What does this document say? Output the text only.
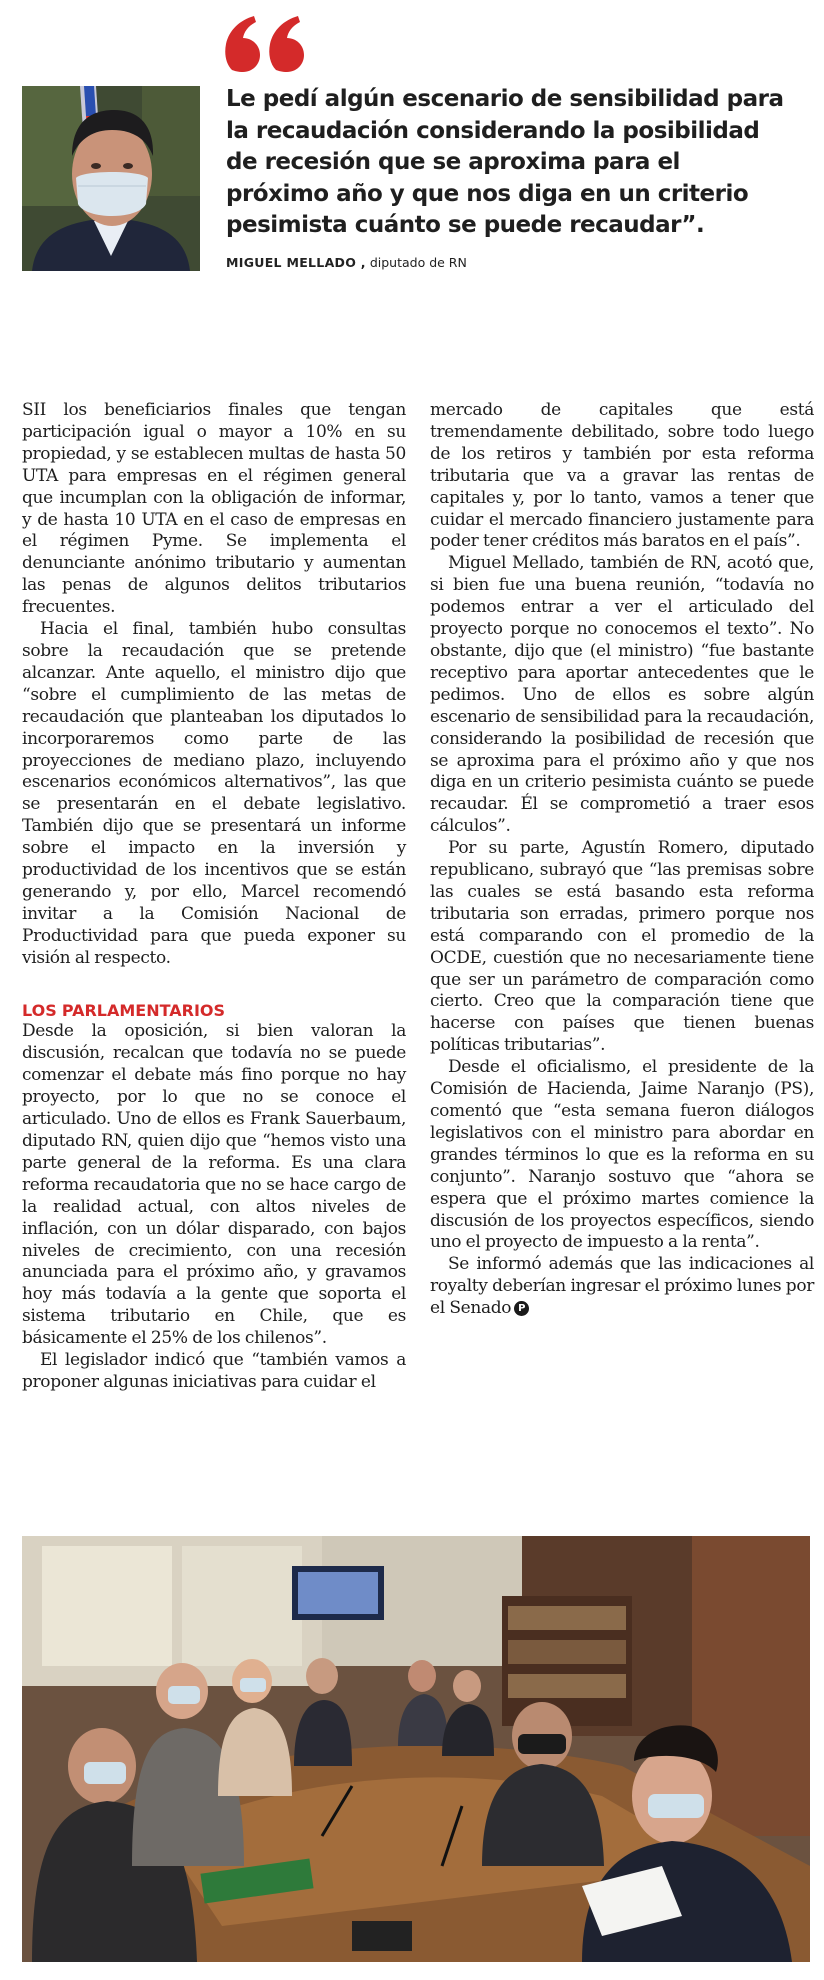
Le pedí algún escenario de sensibilidad para la recaudación considerando la posibilidad de recesión que se aproxima para el próximo año y que nos diga en un criterio pesimista cuánto se puede recaudar”.

MIGUEL MELLADO , diputado de RN

SII los beneficiarios finales que tengan participación igual o mayor a 10% en su propiedad, y se establecen multas de hasta 50 UTA para empresas en el régimen general que incumplan con la obligación de informar, y de hasta 10 UTA en el caso de empresas en el régimen Pyme. Se implementa el denunciante anónimo tributario y aumentan las penas de algunos delitos tributarios frecuentes.

Hacia el final, también hubo consultas sobre la recaudación que se pretende alcanzar. Ante aquello, el ministro dijo que “sobre el cumplimiento de las metas de recaudación que planteaban los diputados lo incorporaremos como parte de las proyecciones de mediano plazo, incluyendo escenarios económicos alternativos”, las que se presentarán en el debate legislativo. También dijo que se presentará un informe sobre el impacto en la inversión y productividad de los incentivos que se están generando y, por ello, Marcel recomendó invitar a la Comisión Nacional de Productividad para que pueda exponer su visión al respecto.

LOS PARLAMENTARIOS

Desde la oposición, si bien valoran la discusión, recalcan que todavía no se puede comenzar el debate más fino porque no hay proyecto, por lo que no se conoce el articulado. Uno de ellos es Frank Sauerbaum, diputado RN, quien dijo que “hemos visto una parte general de la reforma. Es una clara reforma recaudatoria que no se hace cargo de la realidad actual, con altos niveles de inflación, con un dólar disparado, con bajos niveles de crecimiento, con una recesión anunciada para el próximo año, y gravamos hoy más todavía a la gente que soporta el sistema tributario en Chile, que es básicamente el 25% de los chilenos”.

El legislador indicó que “también vamos a proponer algunas iniciativas para cuidar el

mercado de capitales que está tremendamente debilitado, sobre todo luego de los retiros y también por esta reforma tributaria que va a gravar las rentas de capitales y, por lo tanto, vamos a tener que cuidar el mercado financiero justamente para poder tener créditos más baratos en el país”.

Miguel Mellado, también de RN, acotó que, si bien fue una buena reunión, “todavía no podemos entrar a ver el articulado del proyecto porque no conocemos el texto”. No obstante, dijo que (el ministro) “fue bastante receptivo para aportar antecedentes que le pedimos. Uno de ellos es sobre algún escenario de sensibilidad para la recaudación, considerando la posibilidad de recesión que se aproxima para el próximo año y que nos diga en un criterio pesimista cuánto se puede recaudar. Él se comprometió a traer esos cálculos”.

Por su parte, Agustín Romero, diputado republicano, subrayó que “las premisas sobre las cuales se está basando esta reforma tributaria son erradas, primero porque nos está comparando con el promedio de la OCDE, cuestión que no necesariamente tiene que ser un parámetro de comparación como cierto. Creo que la comparación tiene que hacerse con países que tienen buenas políticas tributarias”.

Desde el oficialismo, el presidente de la Comisión de Hacienda, Jaime Naranjo (PS), comentó que “esta semana fueron diálogos legislativos con el ministro para abordar en grandes términos lo que es la reforma en su conjunto”. Naranjo sostuvo que “ahora se espera que el próximo martes comience la discusión de los proyectos específicos, siendo uno el proyecto de impuesto a la renta”.

Se informó además que las indicaciones al royalty deberían ingresar el próximo lunes por el Senado P
